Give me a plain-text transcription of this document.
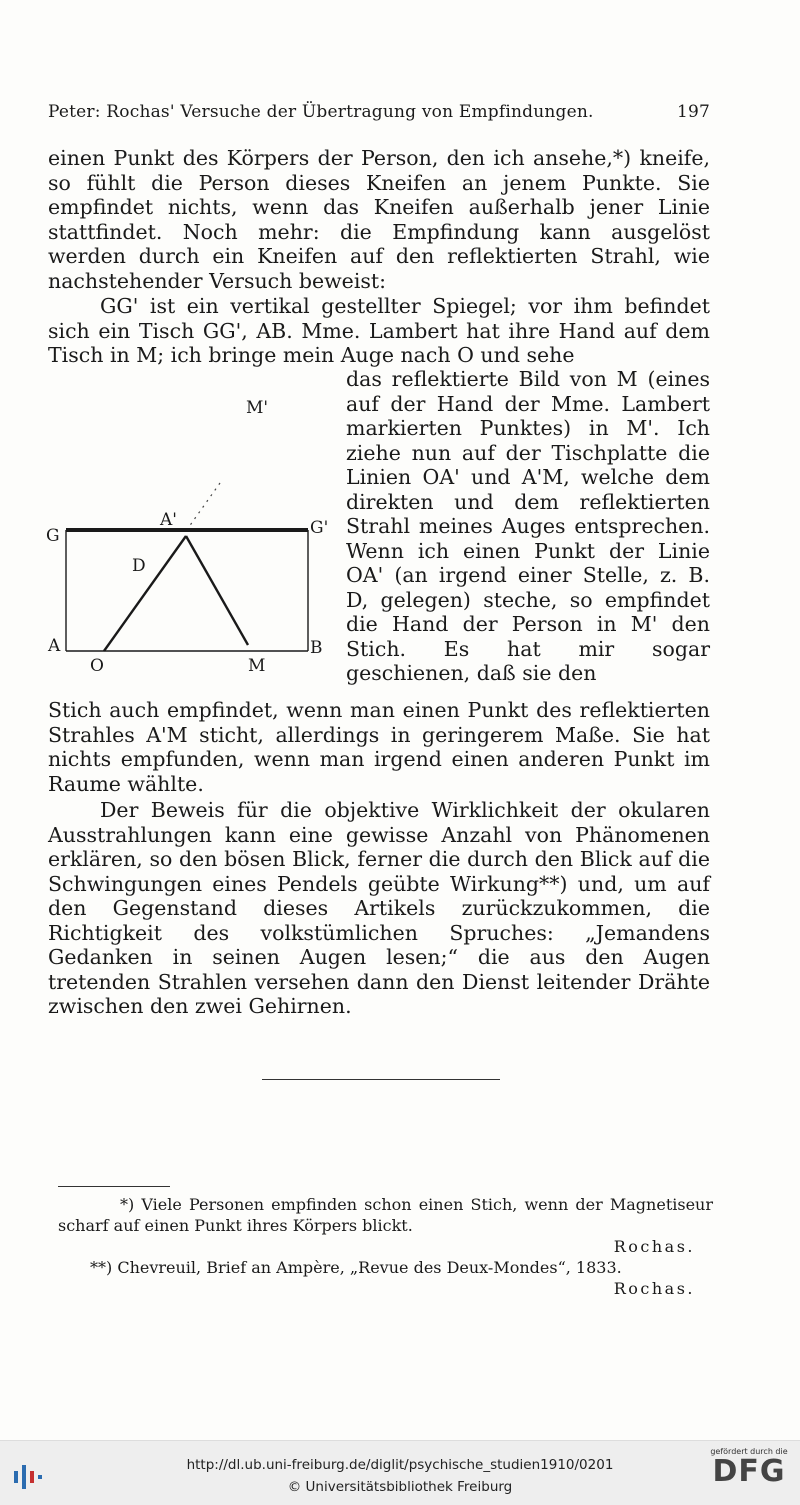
Peter: Rochas' Versuche der Übertragung von Empfindungen.	197

einen Punkt des Körpers der Person, den ich ansehe,*) kneife, so fühlt die Person dieses Kneifen an jenem Punkte. Sie empfindet nichts, wenn das Kneifen außerhalb jener Linie stattfindet. Noch mehr: die Empfindung kann ausgelöst werden durch ein Kneifen auf den reflektierten Strahl, wie nachstehender Versuch beweist:

GG' ist ein vertikal gestellter Spiegel; vor ihm befindet sich ein Tisch GG', AB. Mme. Lambert hat ihre Hand auf dem Tisch in M; ich bringe mein Auge nach O und sehe

das reflektierte Bild von M (eines auf der Hand der Mme. Lambert markierten Punktes) in M'. Ich ziehe nun auf der Tischplatte die Linien OA' und A'M, welche dem direkten und dem reflektierten Strahl meines Auges entsprechen. Wenn ich einen Punkt der Linie OA' (an irgend einer Stelle, z. B. D, gelegen) steche, so empfindet die Hand der Person in M' den Stich. Es hat mir sogar geschienen, daß sie den

M'
A'
G	G'
D
A	B
O	M

Stich auch empfindet, wenn man einen Punkt des reflektierten Strahles A'M sticht, allerdings in geringerem Maße. Sie hat nichts empfunden, wenn man irgend einen anderen Punkt im Raume wählte.

Der Beweis für die objektive Wirklichkeit der okularen Ausstrahlungen kann eine gewisse Anzahl von Phänomenen erklären, so den bösen Blick, ferner die durch den Blick auf die Schwingungen eines Pendels geübte Wirkung**) und, um auf den Gegenstand dieses Artikels zurückzukommen, die Richtigkeit des volkstümlichen Spruches: „Jemandens Gedanken in seinen Augen lesen;“ die aus den Augen tretenden Strahlen versehen dann den Dienst leitender Drähte zwischen den zwei Gehirnen.

*) Viele Personen empfinden schon einen Stich, wenn der Magnetiseur scharf auf einen Punkt ihres Körpers blickt.

Rochas.

**) Chevreuil, Brief an Ampère, „Revue des Deux-Mondes“, 1833.

Rochas.

http://dl.ub.uni-freiburg.de/diglit/psychische_studien1910/0201
© Universitätsbibliothek Freiburg
gefördert durch die
DFG
